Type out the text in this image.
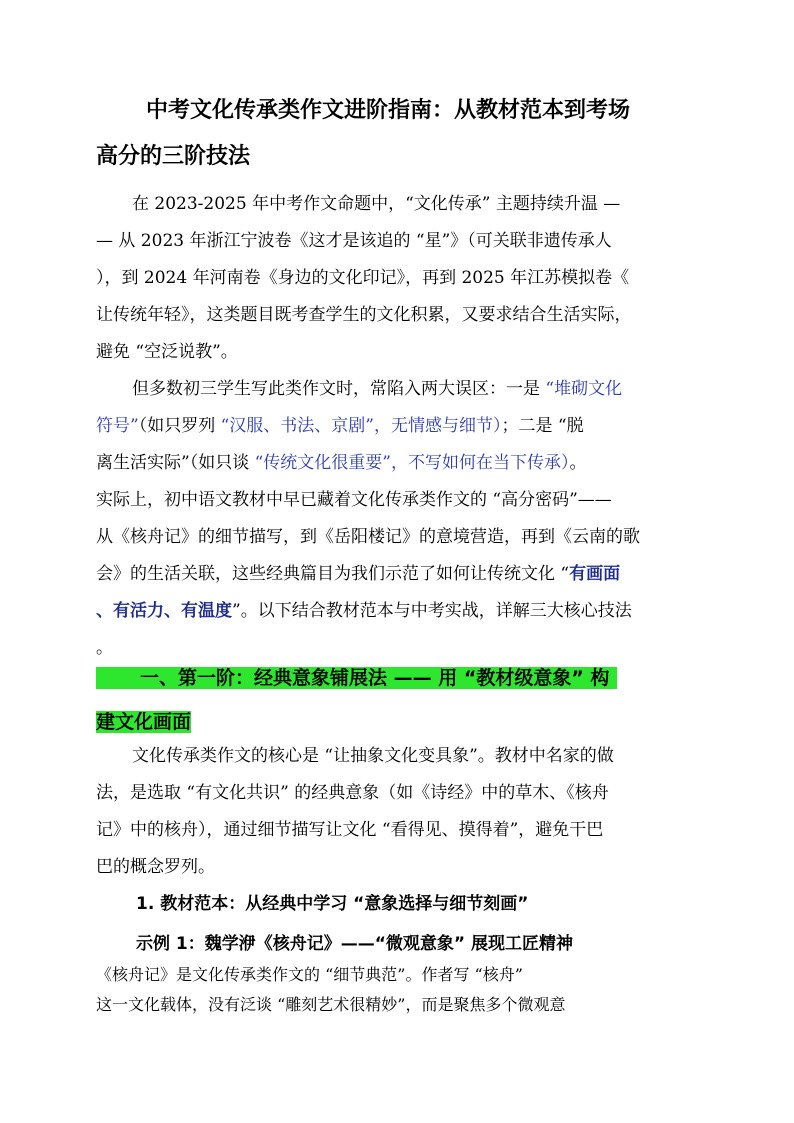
中考文化传承类作文进阶指南：从教材范本到考场
高分的三阶技法
在 2023-2025 年中考作文命题中，“文化传承” 主题持续升温 —
— 从 2023 年浙江宁波卷《这才是该追的 “星”》（可关联非遗传承人
），到 2024 年河南卷《身边的文化印记》，再到 2025 年江苏模拟卷《
让传统年轻》，这类题目既考查学生的文化积累，又要求结合生活实际，
避免 “空泛说教”。
但多数初三学生写此类作文时，常陷入两大误区：一是 “堆砌文化
符号”（如只罗列 “汉服、书法、京剧”，无情感与细节）；二是 “脱
离生活实际”（如只谈 “传统文化很重要”，不写如何在当下传承）。
实际上，初中语文教材中早已藏着文化传承类作文的 “高分密码”——
从《核舟记》的细节描写，到《岳阳楼记》的意境营造，再到《云南的歌
会》的生活关联，这些经典篇目为我们示范了如何让传统文化 “有画面
、有活力、有温度”。以下结合教材范本与中考实战，详解三大核心技法
。
一、第一阶：经典意象铺展法 —— 用 “教材级意象” 构
建文化画面
文化传承类作文的核心是 “让抽象文化变具象”。教材中名家的做
法，是选取 “有文化共识” 的经典意象（如《诗经》中的草木、《核舟
记》中的核舟），通过细节描写让文化 “看得见、摸得着”，避免干巴
巴的概念罗列。
1. 教材范本：从经典中学习 “意象选择与细节刻画”
示例 1：魏学洢《核舟记》——“微观意象” 展现工匠精神
《核舟记》是文化传承类作文的 “细节典范”。作者写 “核舟”
这一文化载体，没有泛谈 “雕刻艺术很精妙”，而是聚焦多个微观意
